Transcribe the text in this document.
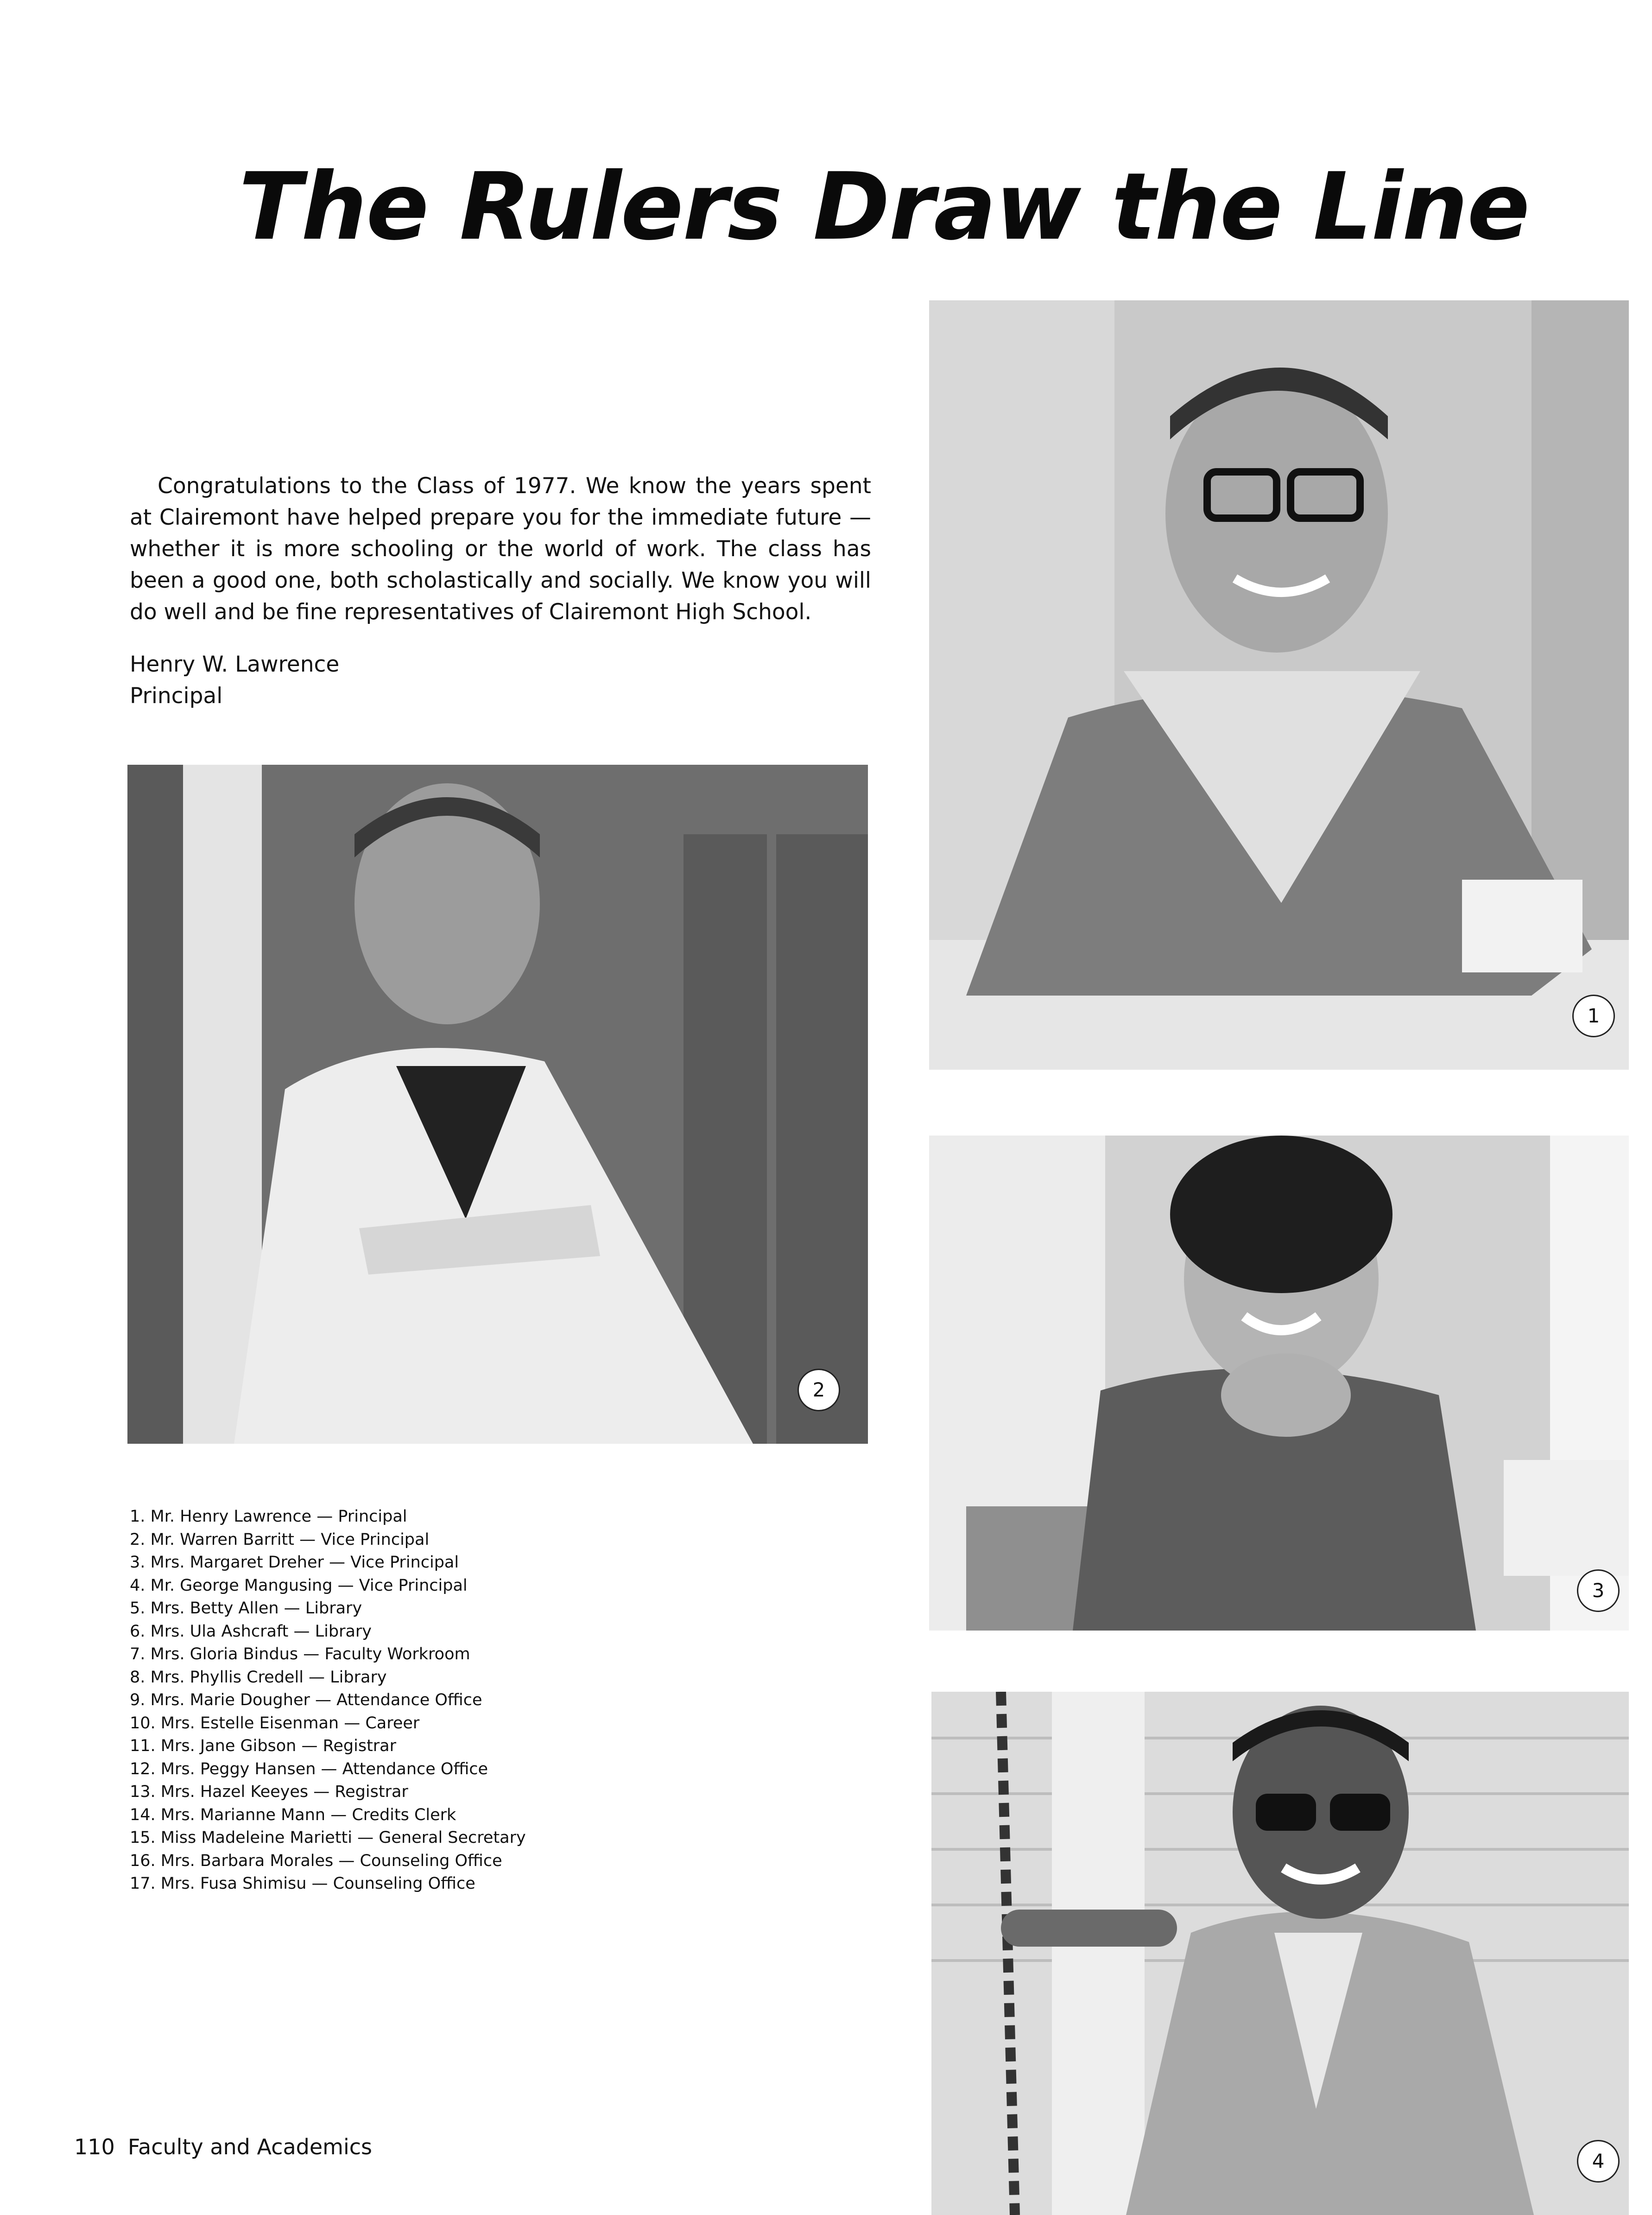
The Rulers Draw the Line

Congratulations to the Class of 1977. We know the years spent at Clairemont have helped prepare you for the immediate future — whether it is more schooling or the world of work. The class has been a good one, both scholastically and socially. We know you will do well and be fine representatives of Clairemont High School.

Henry W. Lawrence
Principal
1
2
3
4
1. Mr. Henry Lawrence — Principal
2. Mr. Warren Barritt — Vice Principal
3. Mrs. Margaret Dreher — Vice Principal
4. Mr. George Mangusing — Vice Principal
5. Mrs. Betty Allen — Library
6. Mrs. Ula Ashcraft — Library
7. Mrs. Gloria Bindus — Faculty Workroom
8. Mrs. Phyllis Credell — Library
9. Mrs. Marie Dougher — Attendance Office
10. Mrs. Estelle Eisenman — Career
11. Mrs. Jane Gibson — Registrar
12. Mrs. Peggy Hansen — Attendance Office
13. Mrs. Hazel Keeyes — Registrar
14. Mrs. Marianne Mann — Credits Clerk
15. Miss Madeleine Marietti — General Secretary
16. Mrs. Barbara Morales — Counseling Office
17. Mrs. Fusa Shimisu — Counseling Office
110 Faculty and Academics
